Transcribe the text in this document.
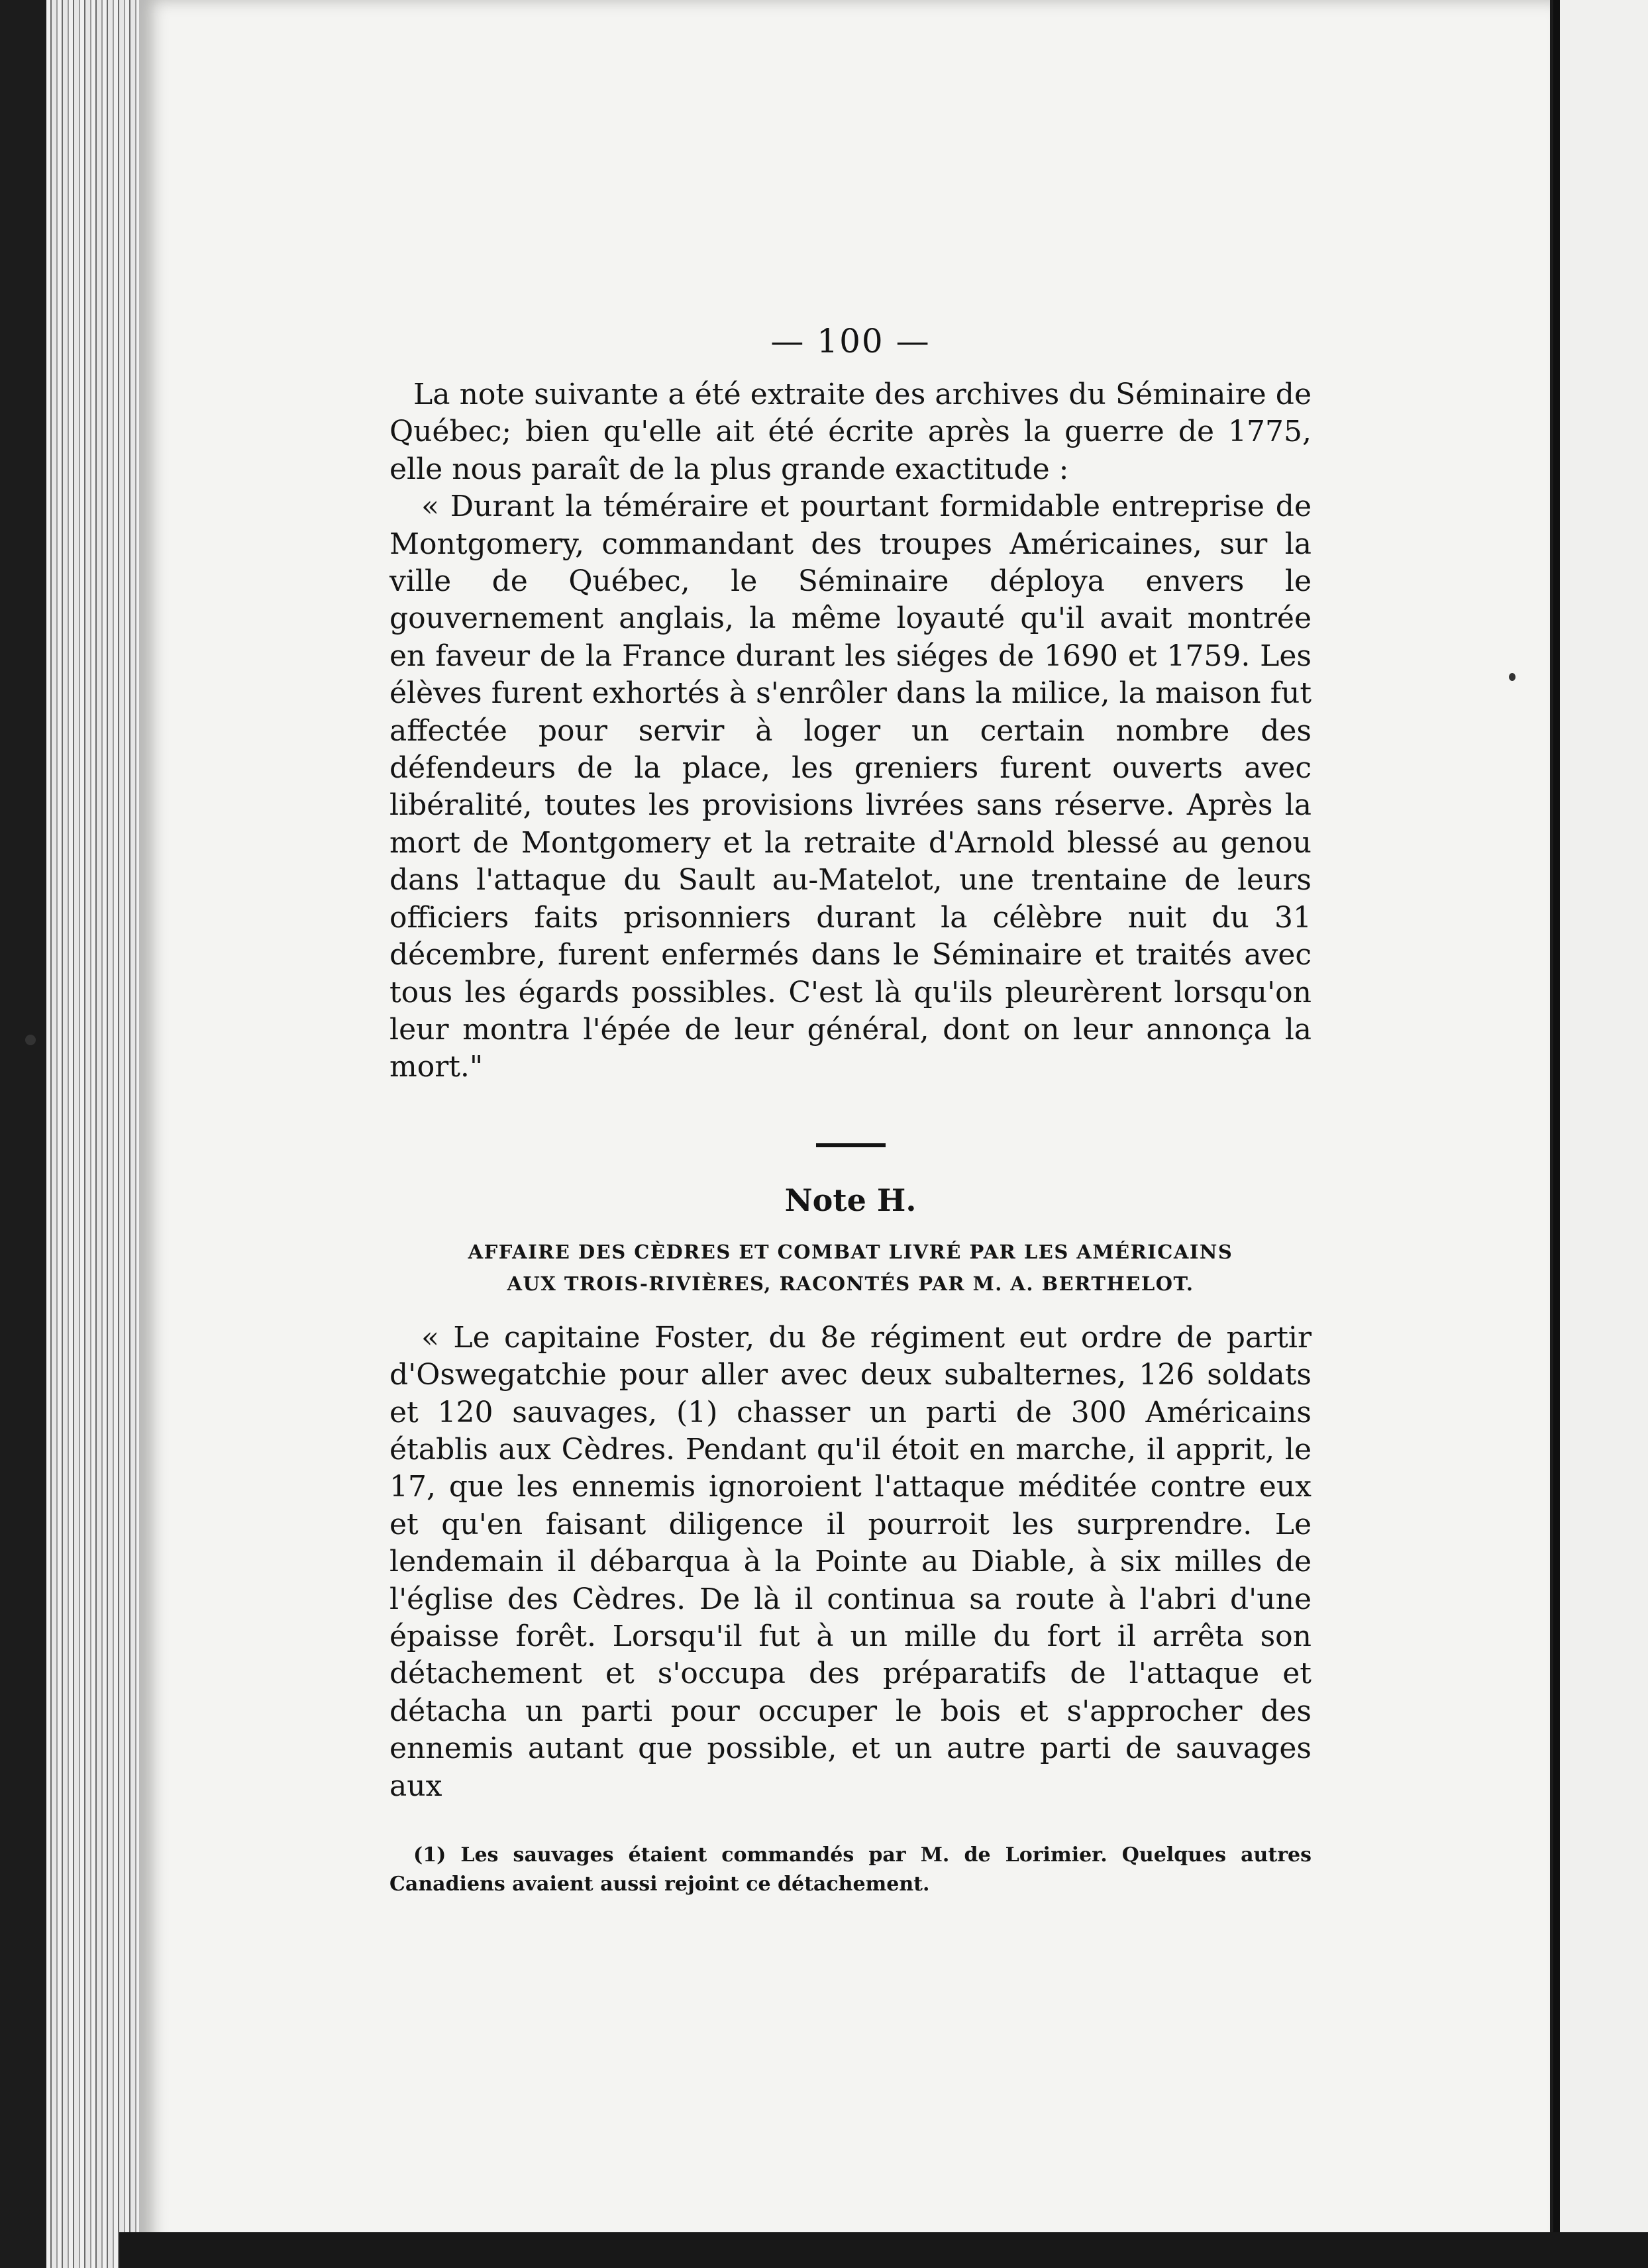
— 100 —

La note suivante a été extraite des archives du Séminaire de Québec; bien qu'elle ait été écrite après la guerre de 1775, elle nous paraît de la plus grande exactitude :

« Durant la téméraire et pourtant formidable entreprise de Montgomery, commandant des troupes Américaines, sur la ville de Québec, le Séminaire déploya envers le gouvernement anglais, la même loyauté qu'il avait montrée en faveur de la France durant les siéges de 1690 et 1759. Les élèves furent exhortés à s'enrôler dans la milice, la maison fut affectée pour servir à loger un certain nombre des défendeurs de la place, les greniers furent ouverts avec libéralité, toutes les provisions livrées sans réserve. Après la mort de Montgomery et la retraite d'Arnold blessé au genou dans l'attaque du Sault au-Matelot, une trentaine de leurs officiers faits prisonniers durant la célèbre nuit du 31 décembre, furent enfermés dans le Séminaire et traités avec tous les égards possibles. C'est là qu'ils pleurèrent lorsqu'on leur montra l'épée de leur général, dont on leur annonça la mort."

Note H.
AFFAIRE DES CÈDRES ET COMBAT LIVRÉ PAR LES AMÉRICAINS
AUX TROIS-RIVIÈRES, RACONTÉS PAR M. A. BERTHELOT.

« Le capitaine Foster, du 8e régiment eut ordre de partir d'Oswegatchie pour aller avec deux subalternes, 126 soldats et 120 sauvages, (1) chasser un parti de 300 Américains établis aux Cèdres. Pendant qu'il étoit en marche, il apprit, le 17, que les ennemis ignoroient l'attaque méditée contre eux et qu'en faisant diligence il pourroit les surprendre. Le lendemain il débarqua à la Pointe au Diable, à six milles de l'église des Cèdres. De là il continua sa route à l'abri d'une épaisse forêt. Lorsqu'il fut à un mille du fort il arrêta son détachement et s'occupa des préparatifs de l'attaque et détacha un parti pour occuper le bois et s'approcher des ennemis autant que possible, et un autre parti de sauvages aux

(1) Les sauvages étaient commandés par M. de Lorimier. Quelques autres Canadiens avaient aussi rejoint ce détachement.
